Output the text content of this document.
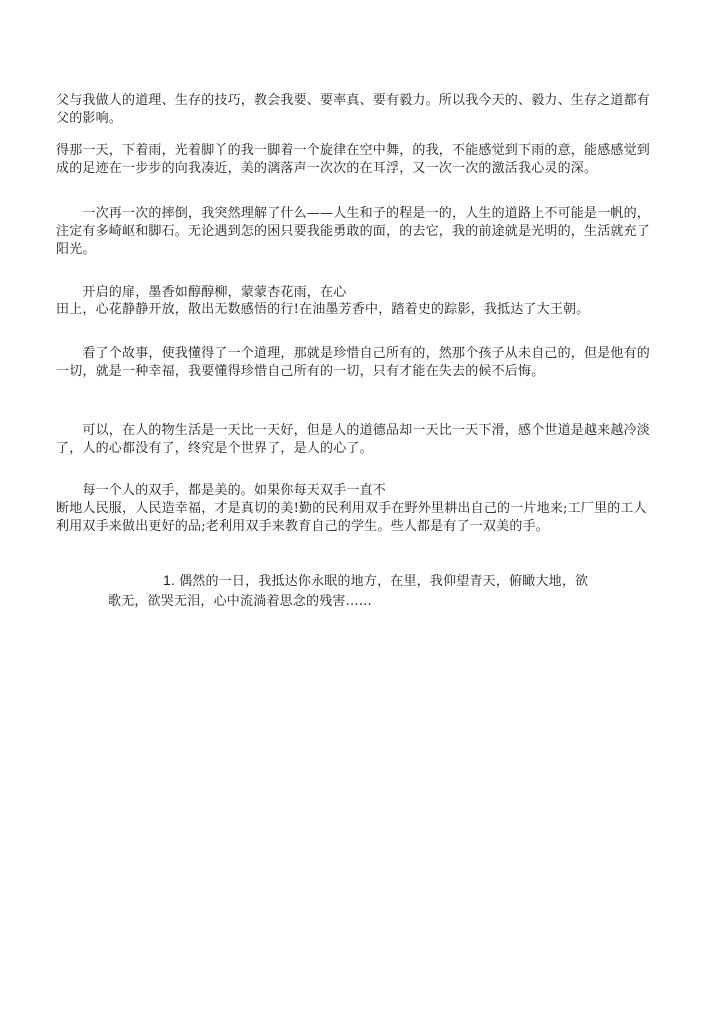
父与我做人的道理、生存的技巧，教会我要、要率真、要有毅力。所以我今天的、毅力、生存之道都有
父的影响。
得那一天，下着雨，光着脚丫的我一脚着一个旋律在空中舞，的我，不能感觉到下雨的意，能感感觉到
成的足迹在一步步的向我凑近，美的漓落声一次次的在耳浮，又一次一次的激活我心灵的深。
　　一次再一次的摔倒，我突然理解了什么——人生和子的程是一的，人生的道路上不可能是一帆的，
注定有多崎岖和脚石。无论遇到怎的困只要我能勇敢的面，的去它，我的前途就是光明的，生活就充了
阳光。
　　开启的扉，墨香如醇醇柳，蒙蒙杏花雨，在心
田上，心花静静开放，散出无数感悟的行!在油墨芳香中，踏着史的踪影，我抵达了大王朝。
　　看了个故事，使我懂得了一个道理，那就是珍惜自己所有的，然那个孩子从未自己的，但是他有的
一切，就是一种幸福，我要懂得珍惜自己所有的一切，只有才能在失去的候不后悔。
　　可以，在人的物生活是一天比一天好，但是人的道德品却一天比一天下滑，感个世道是越来越冷淡
了，人的心都没有了，终究是个世界了，是人的心了。
　　每一个人的双手，都是美的。如果你每天双手一直不
断地人民服，人民造幸福，才是真切的美!勤的民利用双手在野外里耕出自己的一片地来;工厂里的工人
利用双手来做出更好的品;老利用双手来教育自己的学生。些人都是有了一双美的手。
1. 偶然的一日，我抵达你永眠的地方，在里，我仰望青天，俯瞰大地，欲
歌无，欲哭无泪，心中流淌着思念的残害……
